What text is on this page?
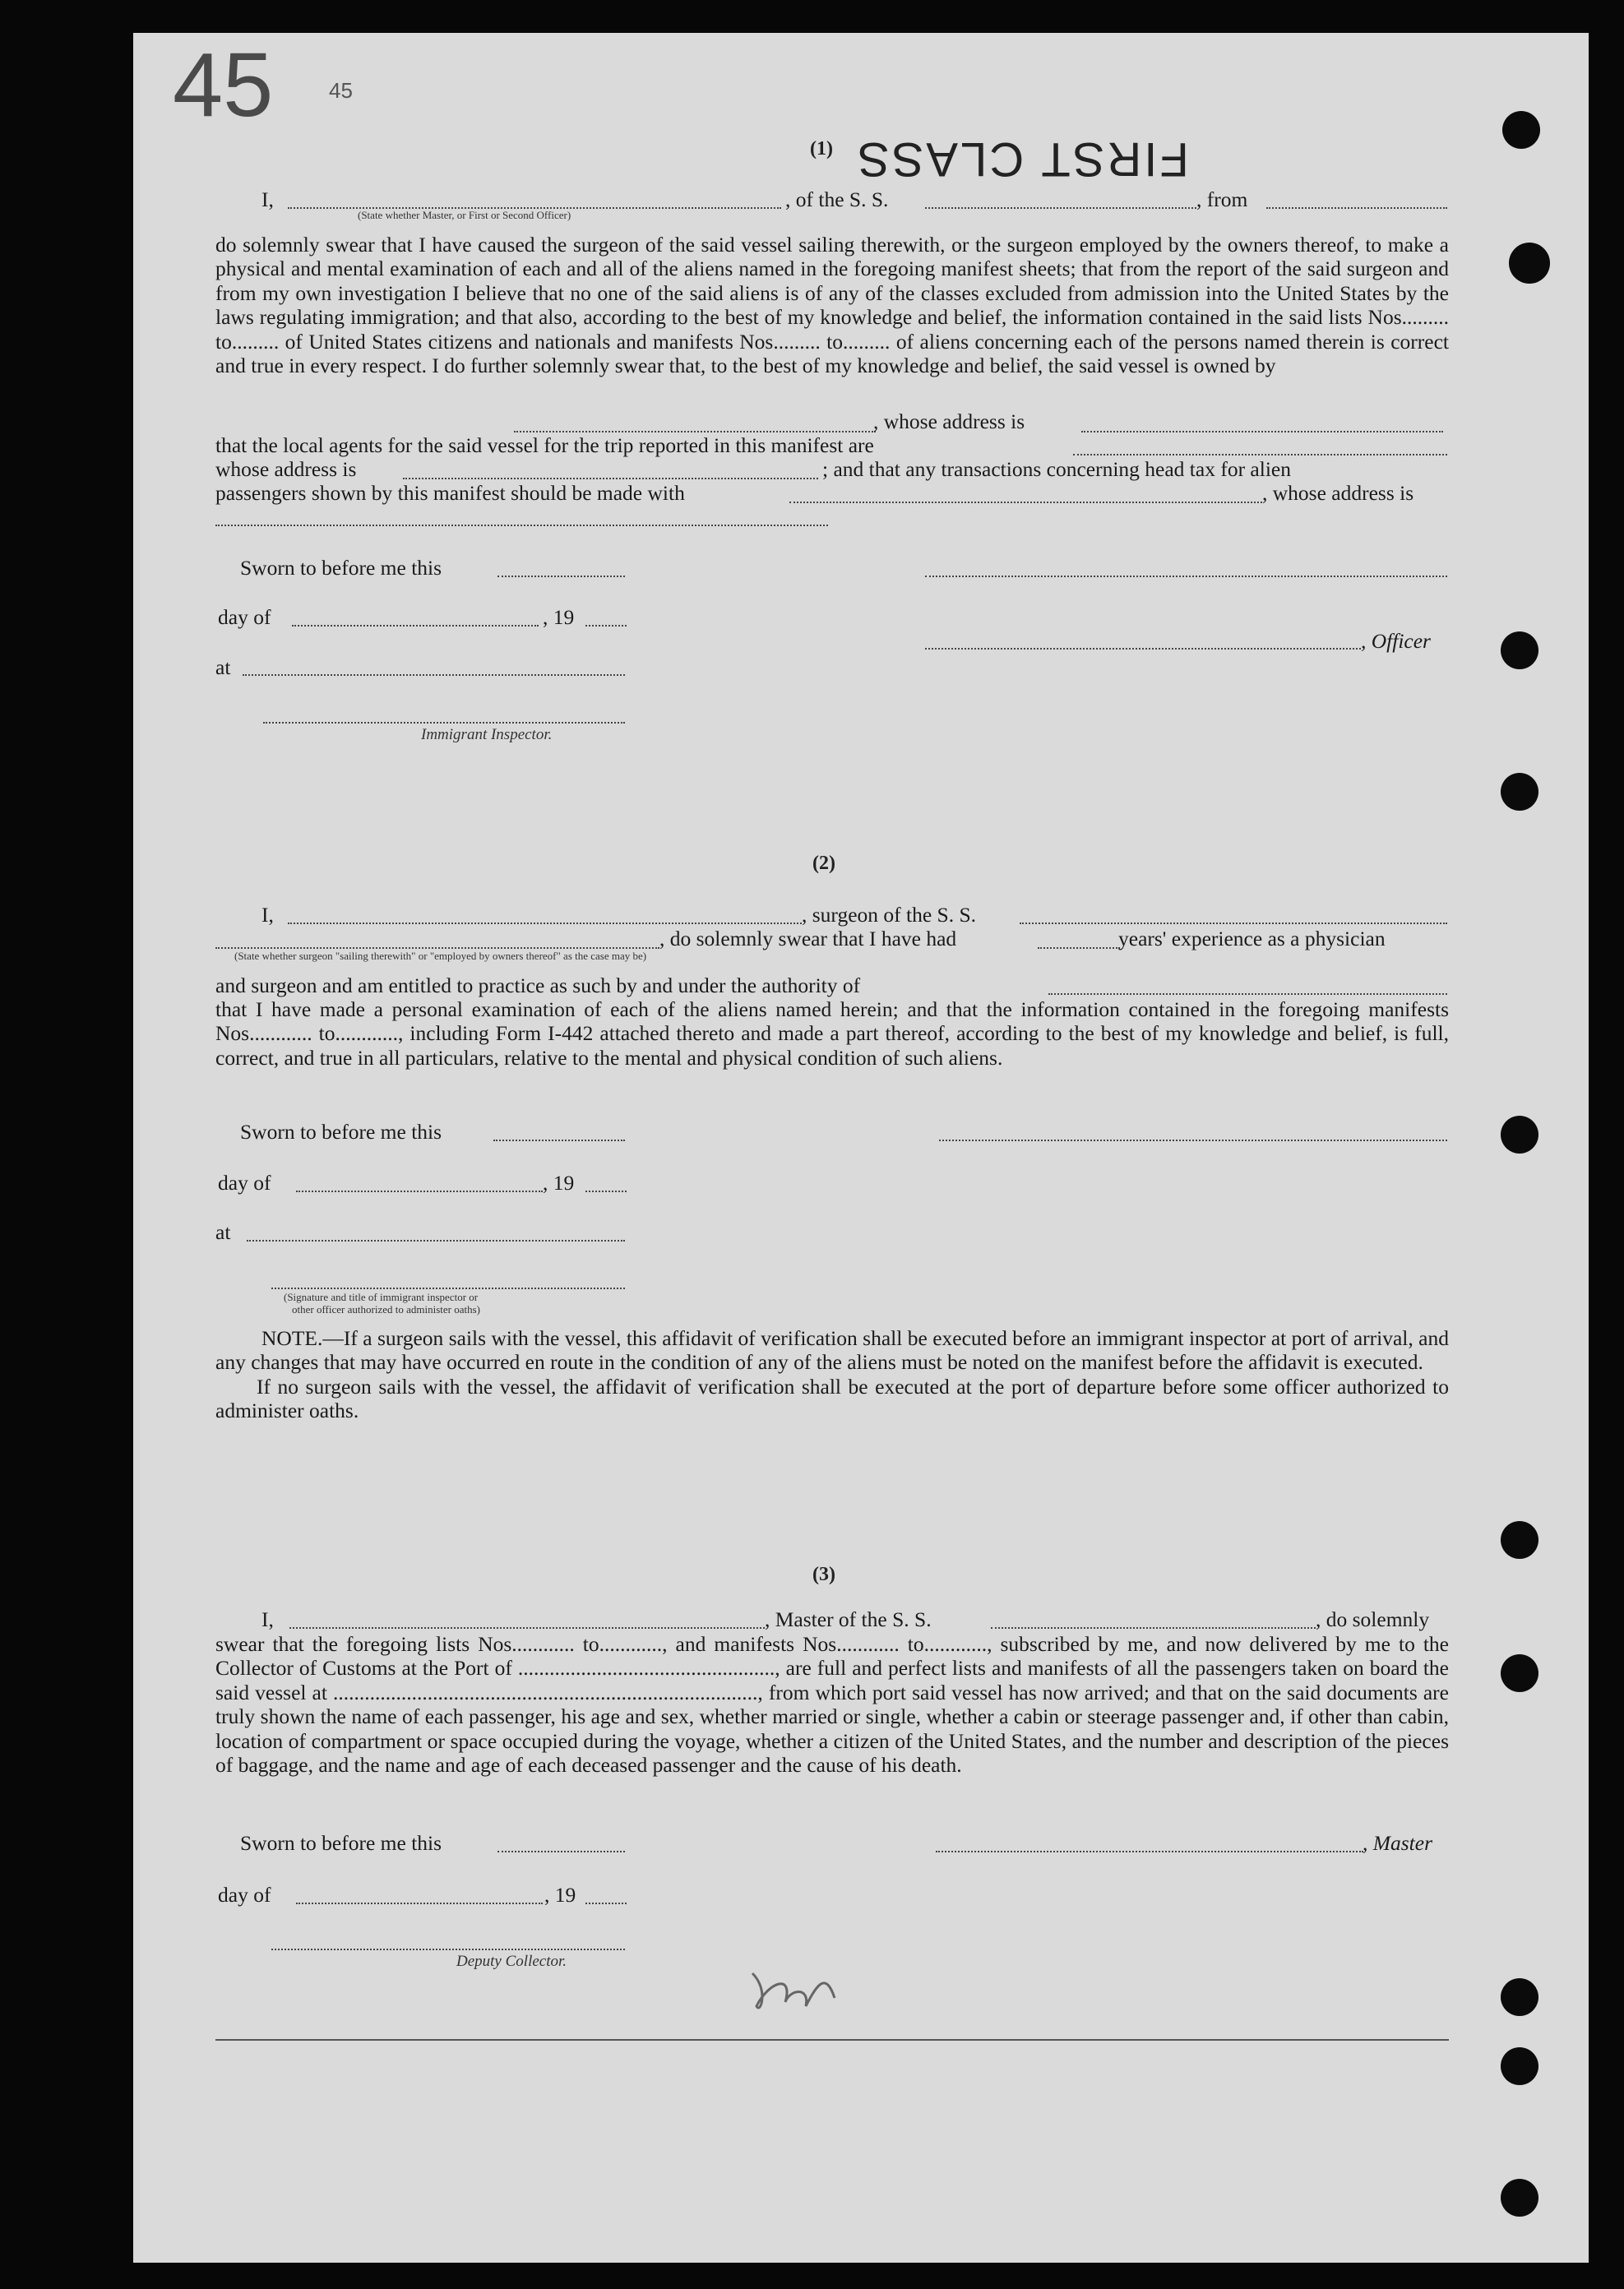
45	45
FIRST CLASS
(1)
I,	, of the S. S.	, from
(State whether Master, or First or Second Officer)

do solemnly swear that I have caused the surgeon of the said vessel sailing therewith, or the surgeon employed by the owners thereof, to make a physical and mental examination of each and all of the aliens named in the foregoing manifest sheets; that from the report of the said surgeon and from my own investigation I believe that no one of the said aliens is of any of the classes excluded from admission into the United States by the laws regulating immigration; and that also, according to the best of my knowledge and belief, the information contained in the said lists Nos......... to......... of United States citizens and nationals and manifests Nos......... to......... of aliens concerning each of the persons named therein is correct and true in every respect. I do further solemnly swear that, to the best of my knowledge and belief, the said vessel is owned by

, whose address is
that the local agents for the said vessel for the trip reported in this manifest are
whose address is	; and that any transactions concerning head tax for alien
passengers shown by this manifest should be made with	, whose address is
Sworn to before me this
day of	, 19
, Officer
at
Immigrant Inspector.
(2)
I,	, surgeon of the S. S.
, do solemnly swear that I have had	years' experience as a physician
(State whether surgeon "sailing therewith" or "employed by owners thereof" as the case may be)
and surgeon and am entitled to practice as such by and under the authority of

that I have made a personal examination of each of the aliens named herein; and that the information contained in the foregoing manifests Nos............ to............, including Form I-442 attached thereto and made a part thereof, according to the best of my knowledge and belief, is full, correct, and true in all particulars, relative to the mental and physical condition of such aliens.

Sworn to before me this
day of	, 19
at
(Signature and title of immigrant inspector or
other officer authorized to administer oaths)

NOTE.—If a surgeon sails with the vessel, this affidavit of verification shall be executed before an immigrant inspector at port of arrival, and any changes that may have occurred en route in the condition of any of the aliens must be noted on the manifest before the affidavit is executed.

If no surgeon sails with the vessel, the affidavit of verification shall be executed at the port of departure before some officer authorized to administer oaths.

(3)
I,	, Master of the S. S.	, do solemnly

swear that the foregoing lists Nos............ to............, and manifests Nos............ to............, subscribed by me, and now delivered by me to the Collector of Customs at the Port of ................................................., are full and perfect lists and manifests of all the passengers taken on board the said vessel at ................................................................................., from which port said vessel has now arrived; and that on the said documents are truly shown the name of each passenger, his age and sex, whether married or single, whether a cabin or steerage passenger and, if other than cabin, location of compartment or space occupied during the voyage, whether a citizen of the United States, and the number and description of the pieces of baggage, and the name and age of each deceased passenger and the cause of his death.

Sworn to before me this	, Master
day of	, 19
Deputy Collector.
